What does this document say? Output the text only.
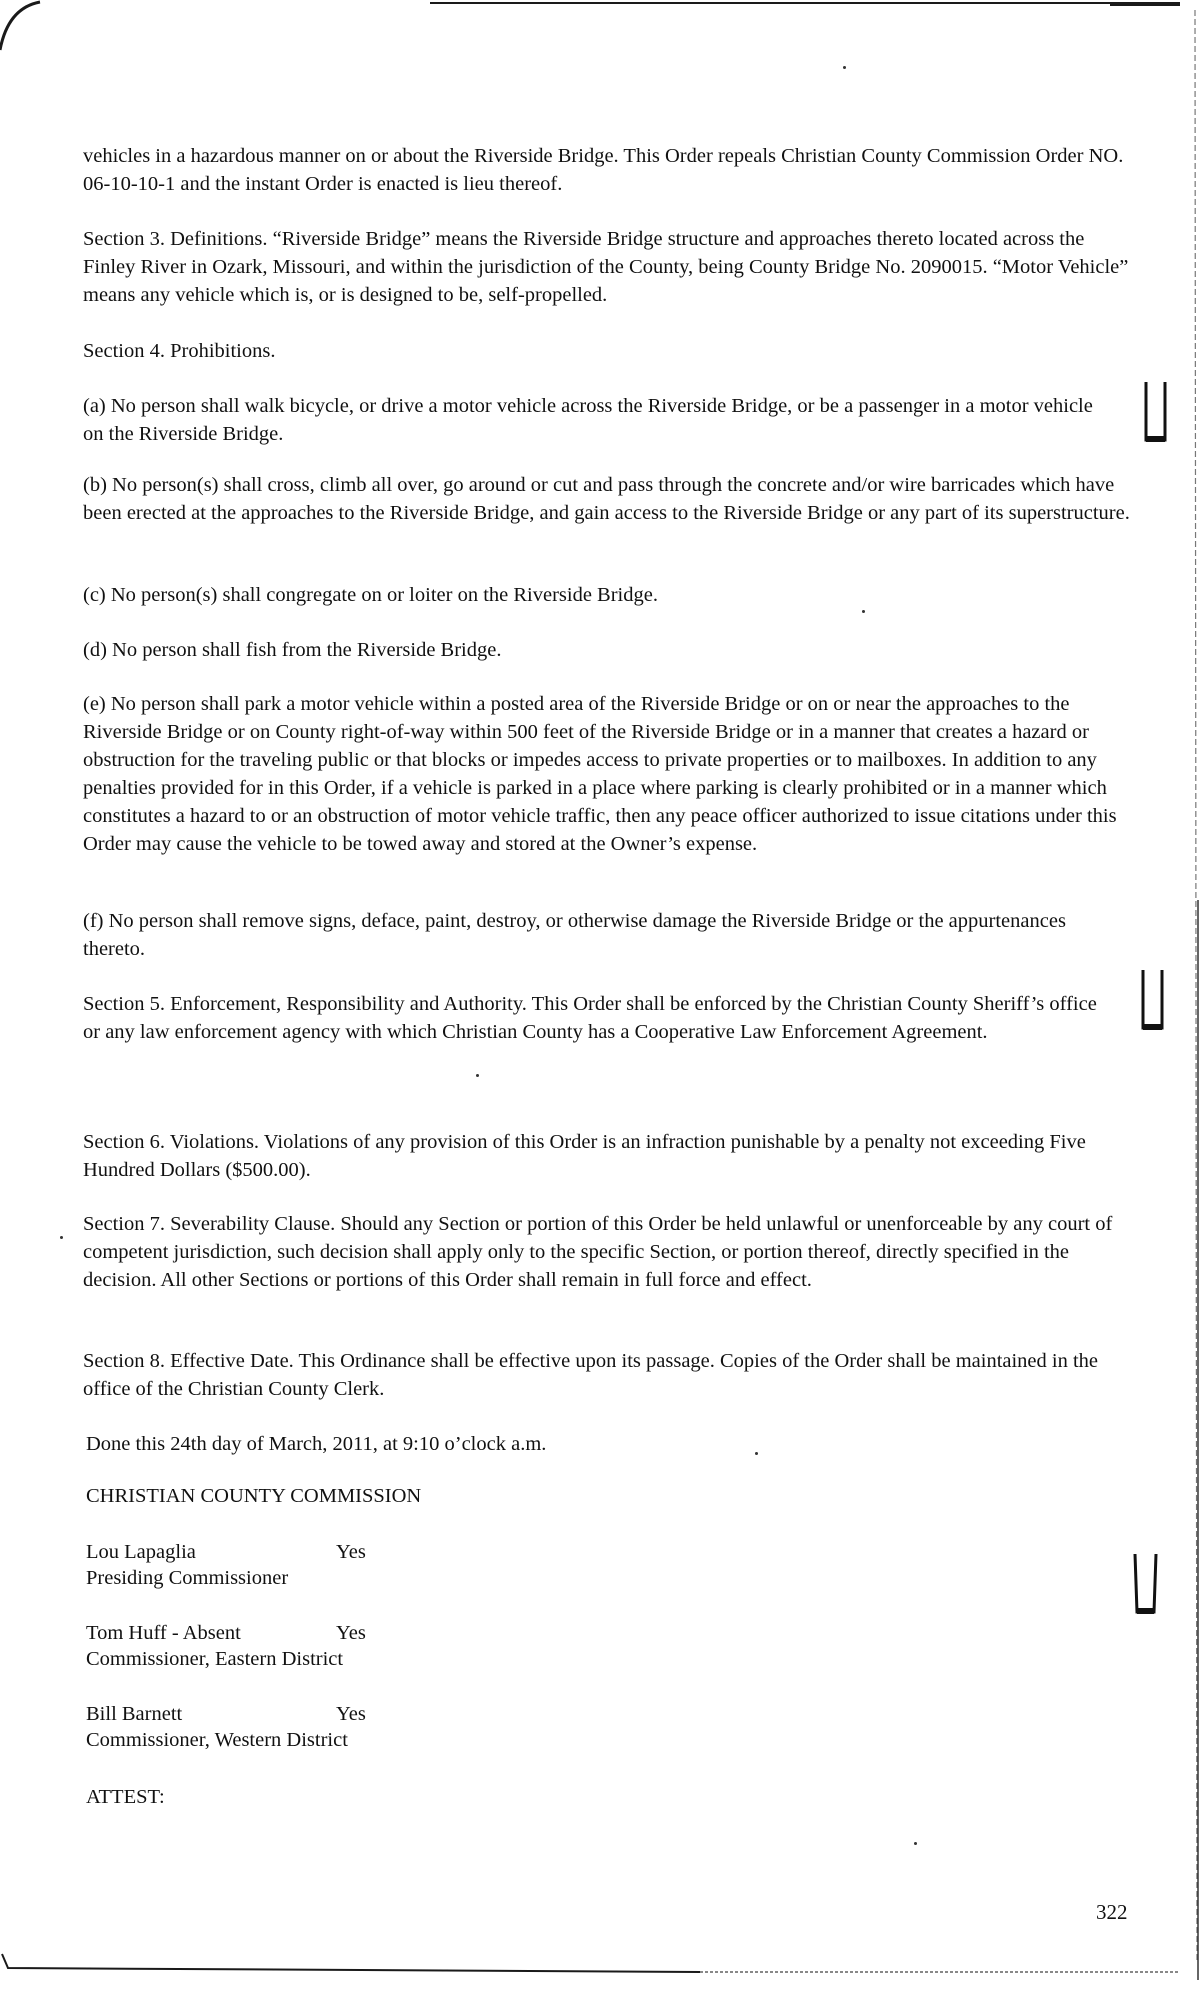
vehicles in a hazardous manner on or about the Riverside Bridge. This Order repeals Christian County Commission Order NO. 06-10-10-1 and the instant Order is enacted is lieu thereof.

Section 3. Definitions. “Riverside Bridge” means the Riverside Bridge structure and approaches thereto located across the Finley River in Ozark, Missouri, and within the jurisdiction of the County, being County Bridge No. 2090015. “Motor Vehicle” means any vehicle which is, or is designed to be, self-propelled.

Section 4. Prohibitions.

(a) No person shall walk bicycle, or drive a motor vehicle across the Riverside Bridge, or be a passenger in a motor vehicle on the Riverside Bridge.

(b) No person(s) shall cross, climb all over, go around or cut and pass through the concrete and/or wire barricades which have been erected at the approaches to the Riverside Bridge, and gain access to the Riverside Bridge or any part of its superstructure.

(c) No person(s) shall congregate on or loiter on the Riverside Bridge.

(d) No person shall fish from the Riverside Bridge.

(e) No person shall park a motor vehicle within a posted area of the Riverside Bridge or on or near the approaches to the Riverside Bridge or on County right-of-way within 500 feet of the Riverside Bridge or in a manner that creates a hazard or obstruction for the traveling public or that blocks or impedes access to private properties or to mailboxes. In addition to any penalties provided for in this Order, if a vehicle is parked in a place where parking is clearly prohibited or in a manner which constitutes a hazard to or an obstruction of motor vehicle traffic, then any peace officer authorized to issue citations under this Order may cause the vehicle to be towed away and stored at the Owner’s expense.

(f) No person shall remove signs, deface, paint, destroy, or otherwise damage the Riverside Bridge or the appurtenances thereto.

Section 5. Enforcement, Responsibility and Authority. This Order shall be enforced by the Christian County Sheriff’s office or any law enforcement agency with which Christian County has a Cooperative Law Enforcement Agreement.

Section 6. Violations. Violations of any provision of this Order is an infraction punishable by a penalty not exceeding Five Hundred Dollars ($500.00).

Section 7. Severability Clause. Should any Section or portion of this Order be held unlawful or unenforceable by any court of competent jurisdiction, such decision shall apply only to the specific Section, or portion thereof, directly specified in the decision. All other Sections or portions of this Order shall remain in full force and effect.

Section 8. Effective Date. This Ordinance shall be effective upon its passage. Copies of the Order shall be maintained in the office of the Christian County Clerk.

Done this 24th day of March, 2011, at 9:10 o’clock a.m.

CHRISTIAN COUNTY COMMISSION

Lou Lapaglia	Yes

Presiding Commissioner

Tom Huff - Absent	Yes

Commissioner, Eastern District

Bill Barnett	Yes

Commissioner, Western District

ATTEST:

322
